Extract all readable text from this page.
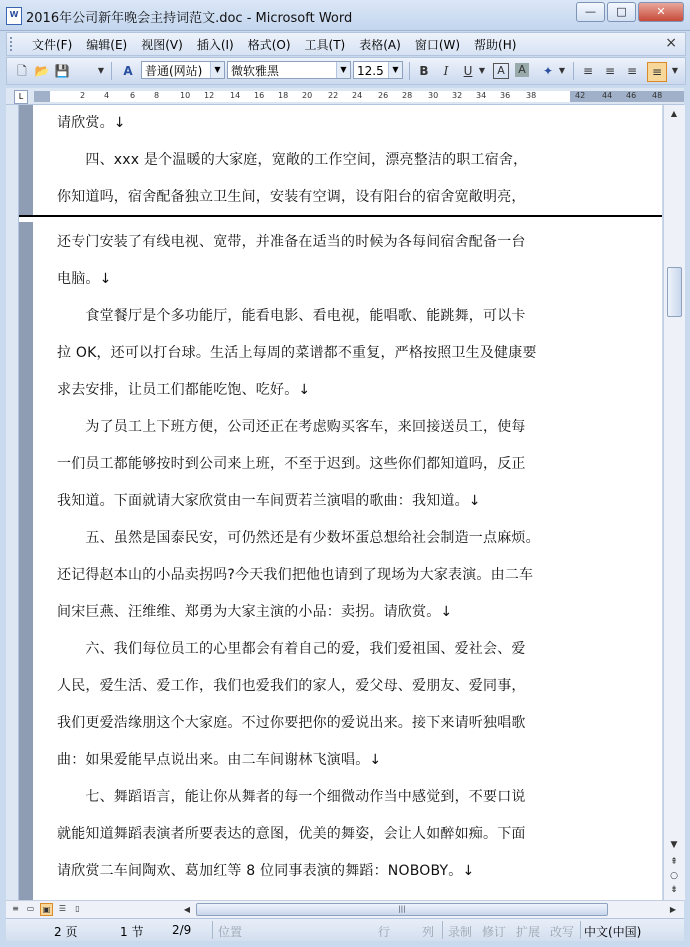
W 2016年公司新年晚会主持词范文.doc - Microsoft Word	—	□	✕
文件(F)	编辑(E)	视图(V)	插入(I)	格式(O)	工具(T)	表格(A)	窗口(W)	帮助(H)	×
🗋 📂 💾	▼	A	普通(网站)	▼ 微软雅黑	▼ 12.5	▼	B	I	U ▼	A	A	✦ ▼	≡ ≡ ≡	≡	▼
L	2 4	6 8	10 12 14 16 18 20 22 24 26 28 30 32 34 36 38	42 44 46 48

请欣赏。↓

　　四、xxx 是个温暖的大家庭，宽敞的工作空间，漂亮整洁的职工宿舍，

你知道吗，宿舍配备独立卫生间，安装有空调，设有阳台的宿舍宽敞明亮，

还专门安装了有线电视、宽带，并准备在适当的时候为各每间宿舍配备一台

电脑。↓

　　食堂餐厅是个多功能厅，能看电影、看电视，能唱歌、能跳舞，可以卡

拉 OK，还可以打台球。生活上每周的菜谱都不重复，严格按照卫生及健康要

求去安排，让员工们都能吃饱、吃好。↓

　　为了员工上下班方便，公司还正在考虑购买客车，来回接送员工，使每

一们员工都能够按时到公司来上班，不至于迟到。这些你们都知道吗，反正

我知道。下面就请大家欣赏由一车间贾若兰演唱的歌曲：我知道。↓

　　五、虽然是国泰民安，可仍然还是有少数坏蛋总想给社会制造一点麻烦。

还记得赵本山的小品卖拐吗?今天我们把他也请到了现场为大家表演。由二车

间宋巨燕、汪维维、郑勇为大家主演的小品：卖拐。请欣赏。↓

　　六、我们每位员工的心里都会有着自己的爱，我们爱祖国、爱社会、爱

人民，爱生活、爱工作，我们也爱我们的家人，爱父母、爱朋友、爱同事，

我们更爱浩缘朋这个大家庭。不过你要把你的爱说出来。接下来请听独唱歌

曲：如果爱能早点说出来。由二车间谢林飞演唱。↓

　　七、舞蹈语言，能让你从舞者的每一个细微动作当中感觉到，不要口说

就能知道舞蹈表演者所要表达的意图，优美的舞姿，会让人如醉如痴。下面

请欣赏二车间陶欢、葛加红等 8 位同事表演的舞蹈：NOBOBY。↓

▲
▼
⇞
○
⇟
≡ ▭	▣	☰	▯	◀	|||	▶
2 页	1 节 2/9 位置	行	列 录制 修订 扩展 改写 中文(中国)
